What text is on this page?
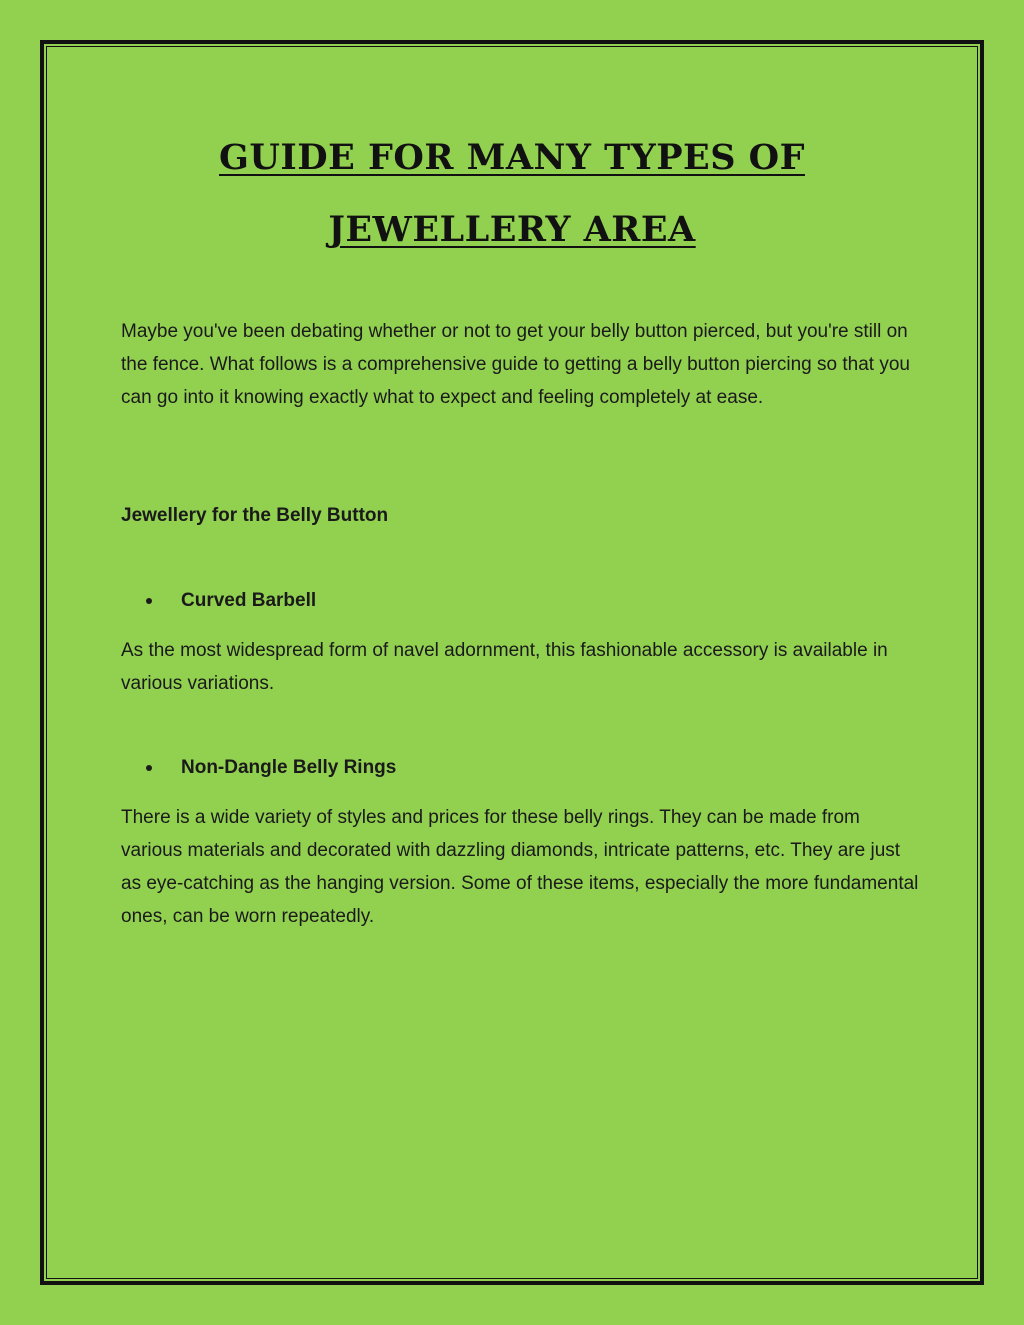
GUIDE FOR MANY TYPES OF
JEWELLERY AREA

Maybe you've been debating whether or not to get your belly button pierced, but you're still on the fence. What follows is a comprehensive guide to getting a belly button piercing so that you can go into it knowing exactly what to expect and feeling completely at ease.

Jewellery for the Belly Button

Curved Barbell

As the most widespread form of navel adornment, this fashionable accessory is available in various variations.

Non-Dangle Belly Rings

There is a wide variety of styles and prices for these belly rings. They can be made from various materials and decorated with dazzling diamonds, intricate patterns, etc. They are just as eye-catching as the hanging version. Some of these items, especially the more fundamental ones, can be worn repeatedly.
